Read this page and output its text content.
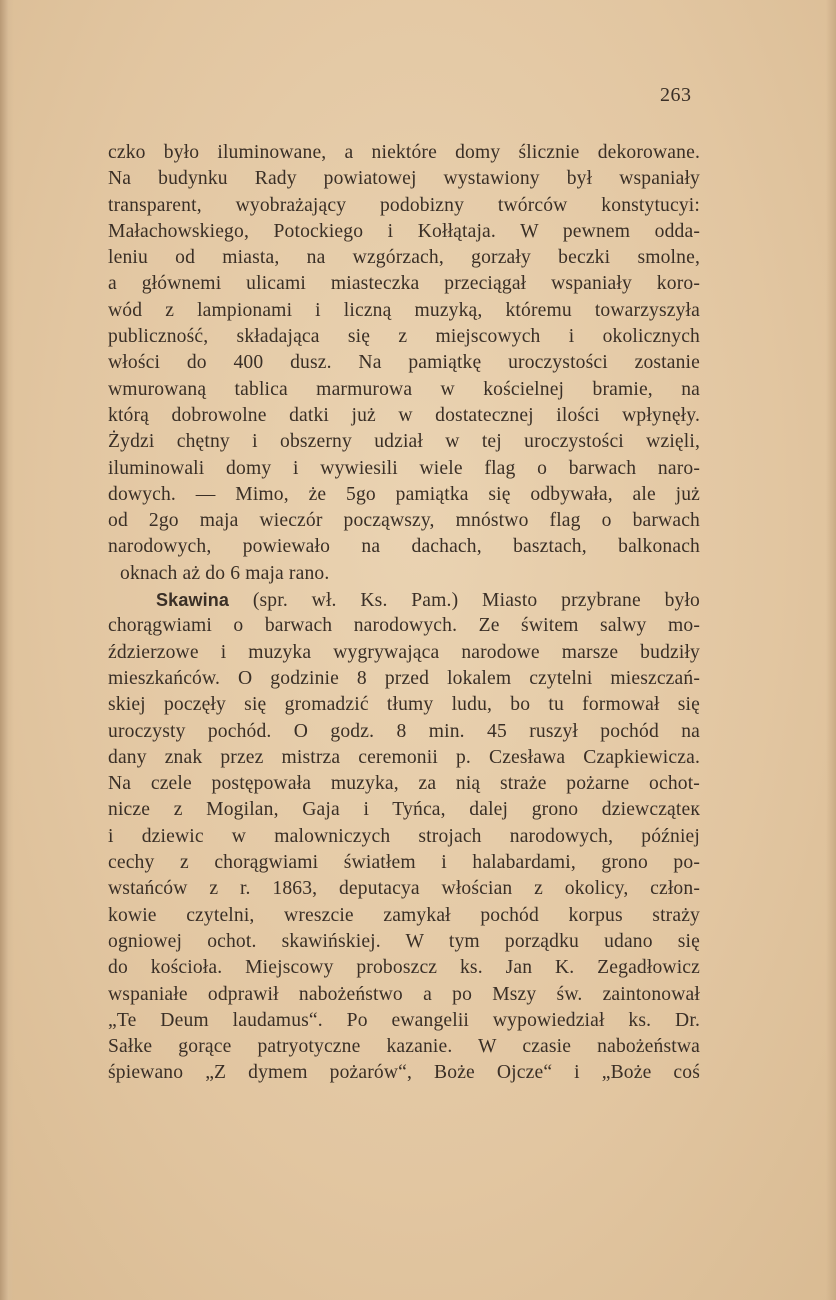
263
czko było iluminowane, a niektóre domy ślicznie dekorowane.
Na budynku Rady powiatowej wystawiony był wspaniały
transparent, wyobrażający podobizny twórców konstytucyi:
Małachowskiego, Potockiego i Kołłątaja. W pewnem odda-
leniu od miasta, na wzgórzach, gorzały beczki smolne,
a głównemi ulicami miasteczka przeciągał wspaniały koro-
wód z lampionami i liczną muzyką, któremu towarzyszyła
publiczność, składająca się z miejscowych i okolicznych
włości do 400 dusz. Na pamiątkę uroczystości zostanie
wmurowaną tablica marmurowa w kościelnej bramie, na
którą dobrowolne datki już w dostatecznej ilości wpłynęły.
Żydzi chętny i obszerny udział w tej uroczystości wzięli,
iluminowali domy i wywiesili wiele flag o barwach naro-
dowych. — Mimo, że 5go pamiątka się odbywała, ale już
od 2go maja wieczór począwszy, mnóstwo flag o barwach
narodowych, powiewało na dachach, basztach, balkonach
oknach aż do 6 maja rano.
Skawina (spr. wł. Ks. Pam.) Miasto przybrane było
chorągwiami o barwach narodowych. Ze świtem salwy mo-
ździerzowe i muzyka wygrywająca narodowe marsze budziły
mieszkańców. O godzinie 8 przed lokalem czytelni mieszczań-
skiej poczęły się gromadzić tłumy ludu, bo tu formował się
uroczysty pochód. O godz. 8 min. 45 ruszył pochód na
dany znak przez mistrza ceremonii p. Czesława Czapkiewicza.
Na czele postępowała muzyka, za nią straże pożarne ochot-
nicze z Mogilan, Gaja i Tyńca, dalej grono dziewcząteк
i dziewic w malowniczych strojach narodowych, później
cechy z chorągwiami światłem i halabardami, grono po-
wstańców z r. 1863, deputacya włościan z okolicy, człon-
kowie czytelni, wreszcie zamykał pochód korpus straży
ogniowej ochot. skawińskiej. W tym porządku udano się
do kościoła. Miejscowy proboszcz ks. Jan K. Zegadłowicz
wspaniałe odprawił nabożeństwo a po Mszy św. zaintonował
„Te Deum laudamus“. Po ewangelii wypowiedział ks. Dr.
Sałke gorące patryotyczne kazanie. W czasie nabożeństwa
śpiewano „Z dymem pożarów“, Boże Ojcze“ i „Boże coś
